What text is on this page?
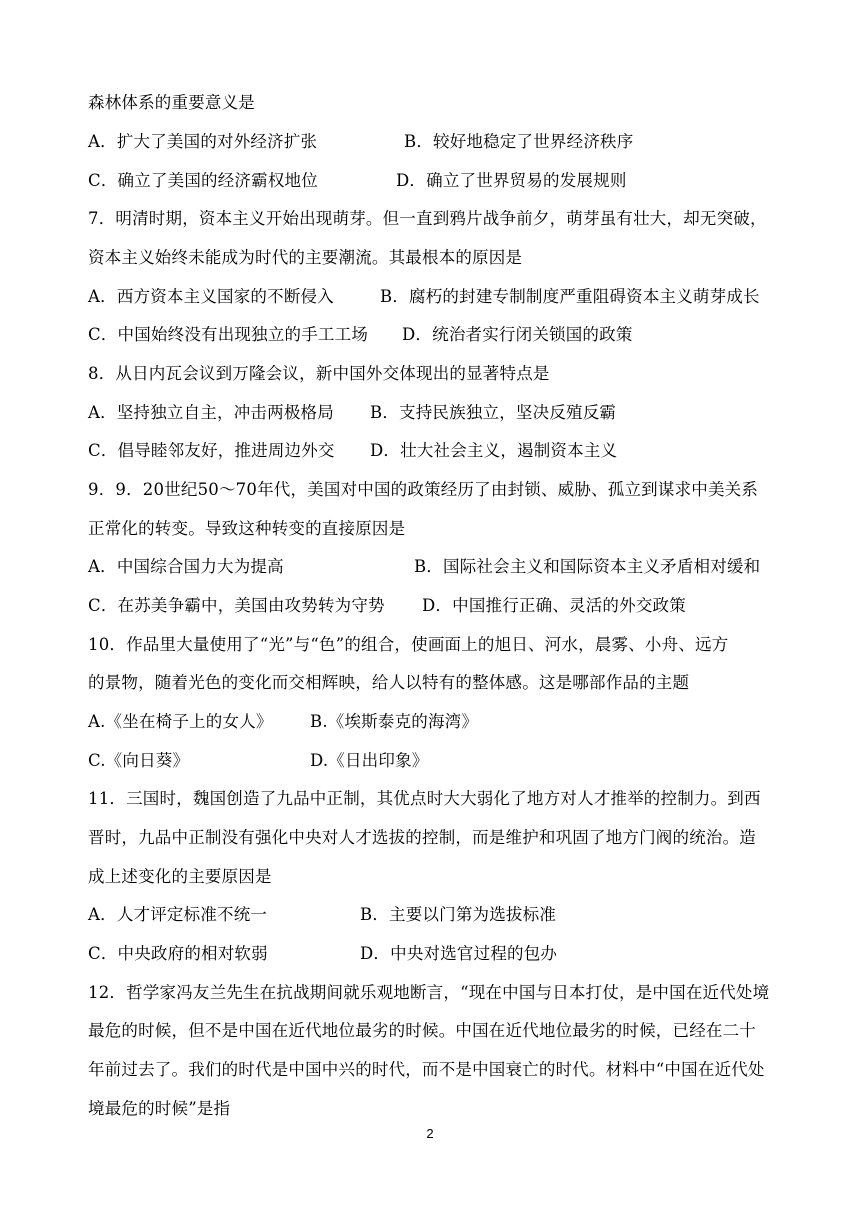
森林体系的重要意义是
A．扩大了美国的对外经济扩张	B．较好地稳定了世界经济秩序
C．确立了美国的经济霸权地位	D．确立了世界贸易的发展规则
7．明清时期，资本主义开始出现萌芽。但一直到鸦片战争前夕，萌芽虽有壮大，却无突破，
资本主义始终未能成为时代的主要潮流。其最根本的原因是
A．西方资本主义国家的不断侵入	B．腐朽的封建专制制度严重阻碍资本主义萌芽成长
C．中国始终没有出现独立的手工工场 D．统治者实行闭关锁国的政策
8．从日内瓦会议到万隆会议，新中国外交体现出的显著特点是
A．坚持独立自主，冲击两极格局 B．支持民族独立，坚决反殖反霸
C．倡导睦邻友好，推进周边外交 D．壮大社会主义，遏制资本主义
9．9．20世纪50～70年代，美国对中国的政策经历了由封锁、威胁、孤立到谋求中美关系
正常化的转变。导致这种转变的直接原因是
A．中国综合国力大为提高	B．国际社会主义和国际资本主义矛盾相对缓和
C．在苏美争霸中，美国由攻势转为守势 D．中国推行正确、灵活的外交政策
10．作品里大量使用了“光”与“色”的组合，使画面上的旭日、河水，晨雾、小舟、远方
的景物，随着光色的变化而交相辉映，给人以特有的整体感。这是哪部作品的主题
A.《坐在椅子上的女人》 B.《埃斯泰克的海湾》
C.《向日葵》	D.《日出印象》
11．三国时，魏国创造了九品中正制，其优点时大大弱化了地方对人才推举的控制力。到西
晋时，九品中正制没有强化中央对人才选拔的控制，而是维护和巩固了地方门阀的统治。造
成上述变化的主要原因是
A．人才评定标准不统一	B．主要以门第为选拔标准
C．中央政府的相对软弱	D．中央对选官过程的包办
12．哲学家冯友兰先生在抗战期间就乐观地断言，“现在中国与日本打仗，是中国在近代处境
最危的时候，但不是中国在近代地位最劣的时候。中国在近代地位最劣的时候，已经在二十
年前过去了。我们的时代是中国中兴的时代，而不是中国衰亡的时代。材料中“中国在近代处
境最危的时候”是指
2
